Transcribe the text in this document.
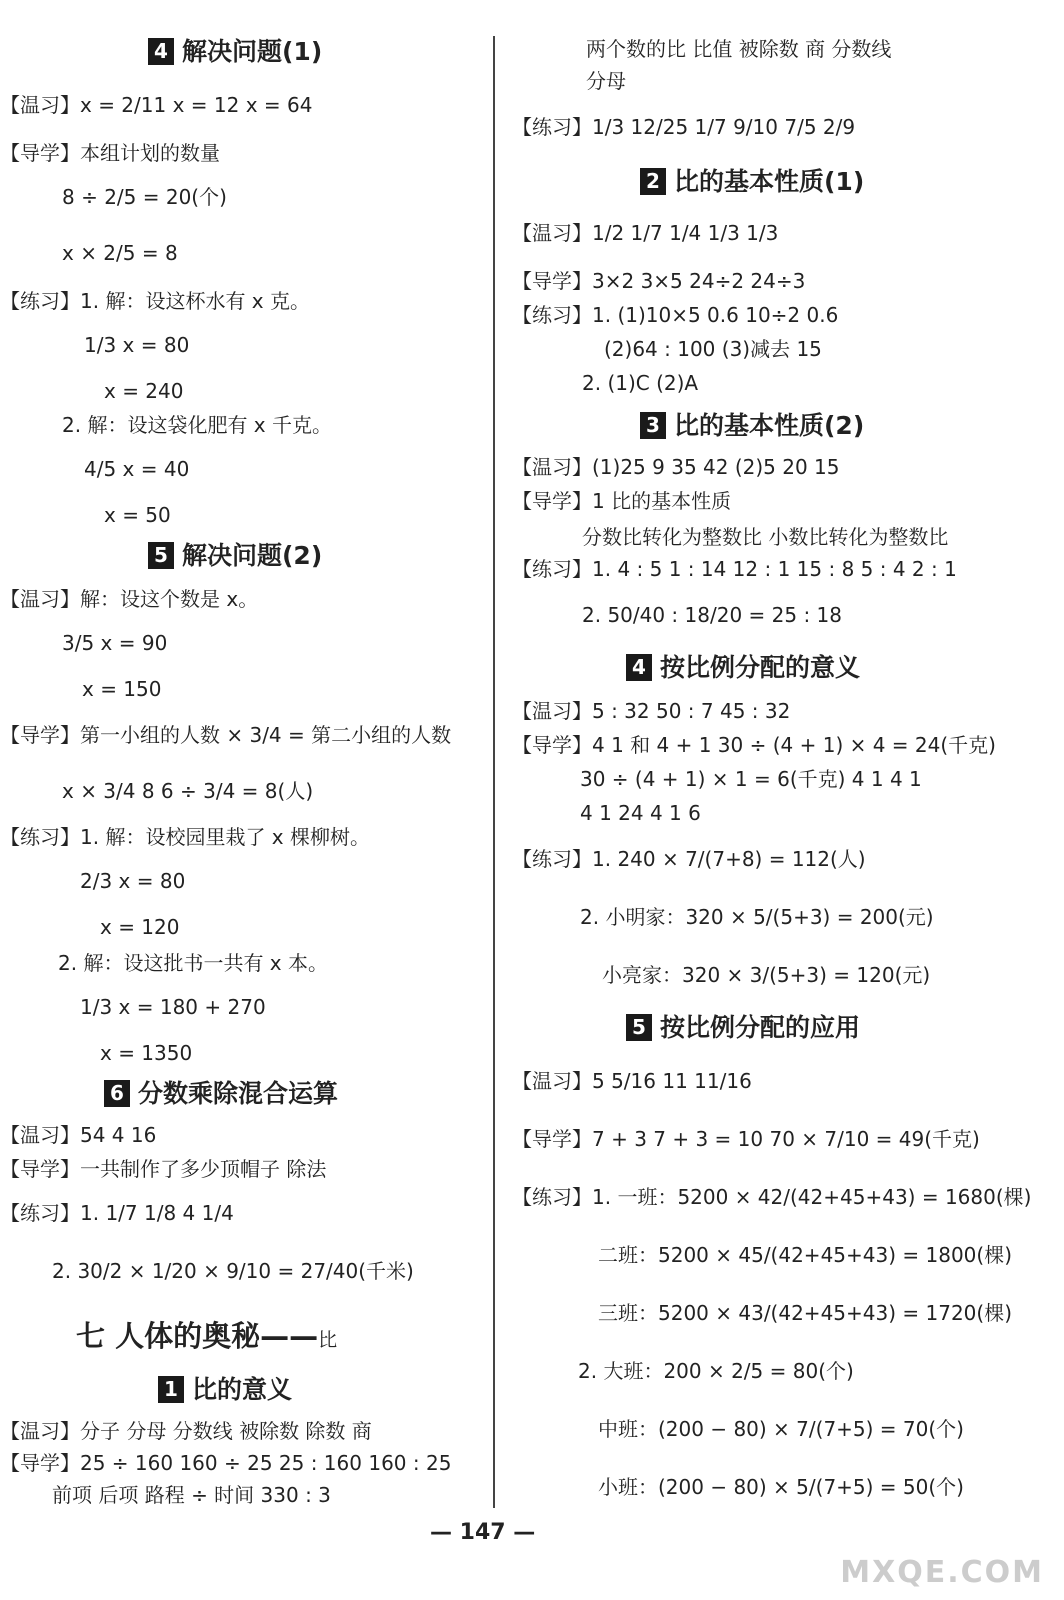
4 解决问题(1)
【温习】x = 2/11 x = 12 x = 64
【导学】本组计划的数量
8 ÷ 2/5 = 20(个)
x × 2/5 = 8
【练习】1. 解：设这杯水有 x 克。
1/3 x = 80
x = 240
2. 解：设这袋化肥有 x 千克。
4/5 x = 40
x = 50
5 解决问题(2)
【温习】解：设这个数是 x。
3/5 x = 90
x = 150
【导学】第一小组的人数 × 3/4 = 第二小组的人数
x × 3/4 8 6 ÷ 3/4 = 8(人)
【练习】1. 解：设校园里栽了 x 棵柳树。
2/3 x = 80
x = 120
2. 解：设这批书一共有 x 本。
1/3 x = 180 + 270
x = 1350
6 分数乘除混合运算
【温习】54 4 16
【导学】一共制作了多少顶帽子 除法
【练习】1. 1/7 1/8 4 1/4
2. 30/2 × 1/20 × 9/10 = 27/40(千米)
七 人体的奥秘——比
1 比的意义
【温习】分子 分母 分数线 被除数 除数 商
【导学】25 ÷ 160 160 ÷ 25 25 : 160 160 : 25
前项 后项 路程 ÷ 时间 330 : 3
两个数的比 比值 被除数 商 分数线
分母
【练习】1/3 12/25 1/7 9/10 7/5 2/9
2 比的基本性质(1)
【温习】1/2 1/7 1/4 1/3 1/3
【导学】3×2 3×5 24÷2 24÷3
【练习】1. (1)10×5 0.6 10÷2 0.6
(2)64 : 100 (3)减去 15
2. (1)C (2)A
3 比的基本性质(2)
【温习】(1)25 9 35 42 (2)5 20 15
【导学】1 比的基本性质
分数比转化为整数比 小数比转化为整数比
【练习】1. 4 : 5 1 : 14 12 : 1 15 : 8 5 : 4 2 : 1
2. 50/40 : 18/20 = 25 : 18
4 按比例分配的意义
【温习】5 : 32 50 : 7 45 : 32
【导学】4 1 和 4 + 1 30 ÷ (4 + 1) × 4 = 24(千克)
30 ÷ (4 + 1) × 1 = 6(千克) 4 1 4 1
4 1 24 4 1 6
【练习】1. 240 × 7/(7+8) = 112(人)
2. 小明家：320 × 5/(5+3) = 200(元)
小亮家：320 × 3/(5+3) = 120(元)
5 按比例分配的应用
【温习】5 5/16 11 11/16
【导学】7 + 3 7 + 3 = 10 70 × 7/10 = 49(千克)
【练习】1. 一班：5200 × 42/(42+45+43) = 1680(棵)
二班：5200 × 45/(42+45+43) = 1800(棵)
三班：5200 × 43/(42+45+43) = 1720(棵)
2. 大班：200 × 2/5 = 80(个)
中班：(200 − 80) × 7/(7+5) = 70(个)
小班：(200 − 80) × 5/(7+5) = 50(个)
— 147 —
MXQE.COM
